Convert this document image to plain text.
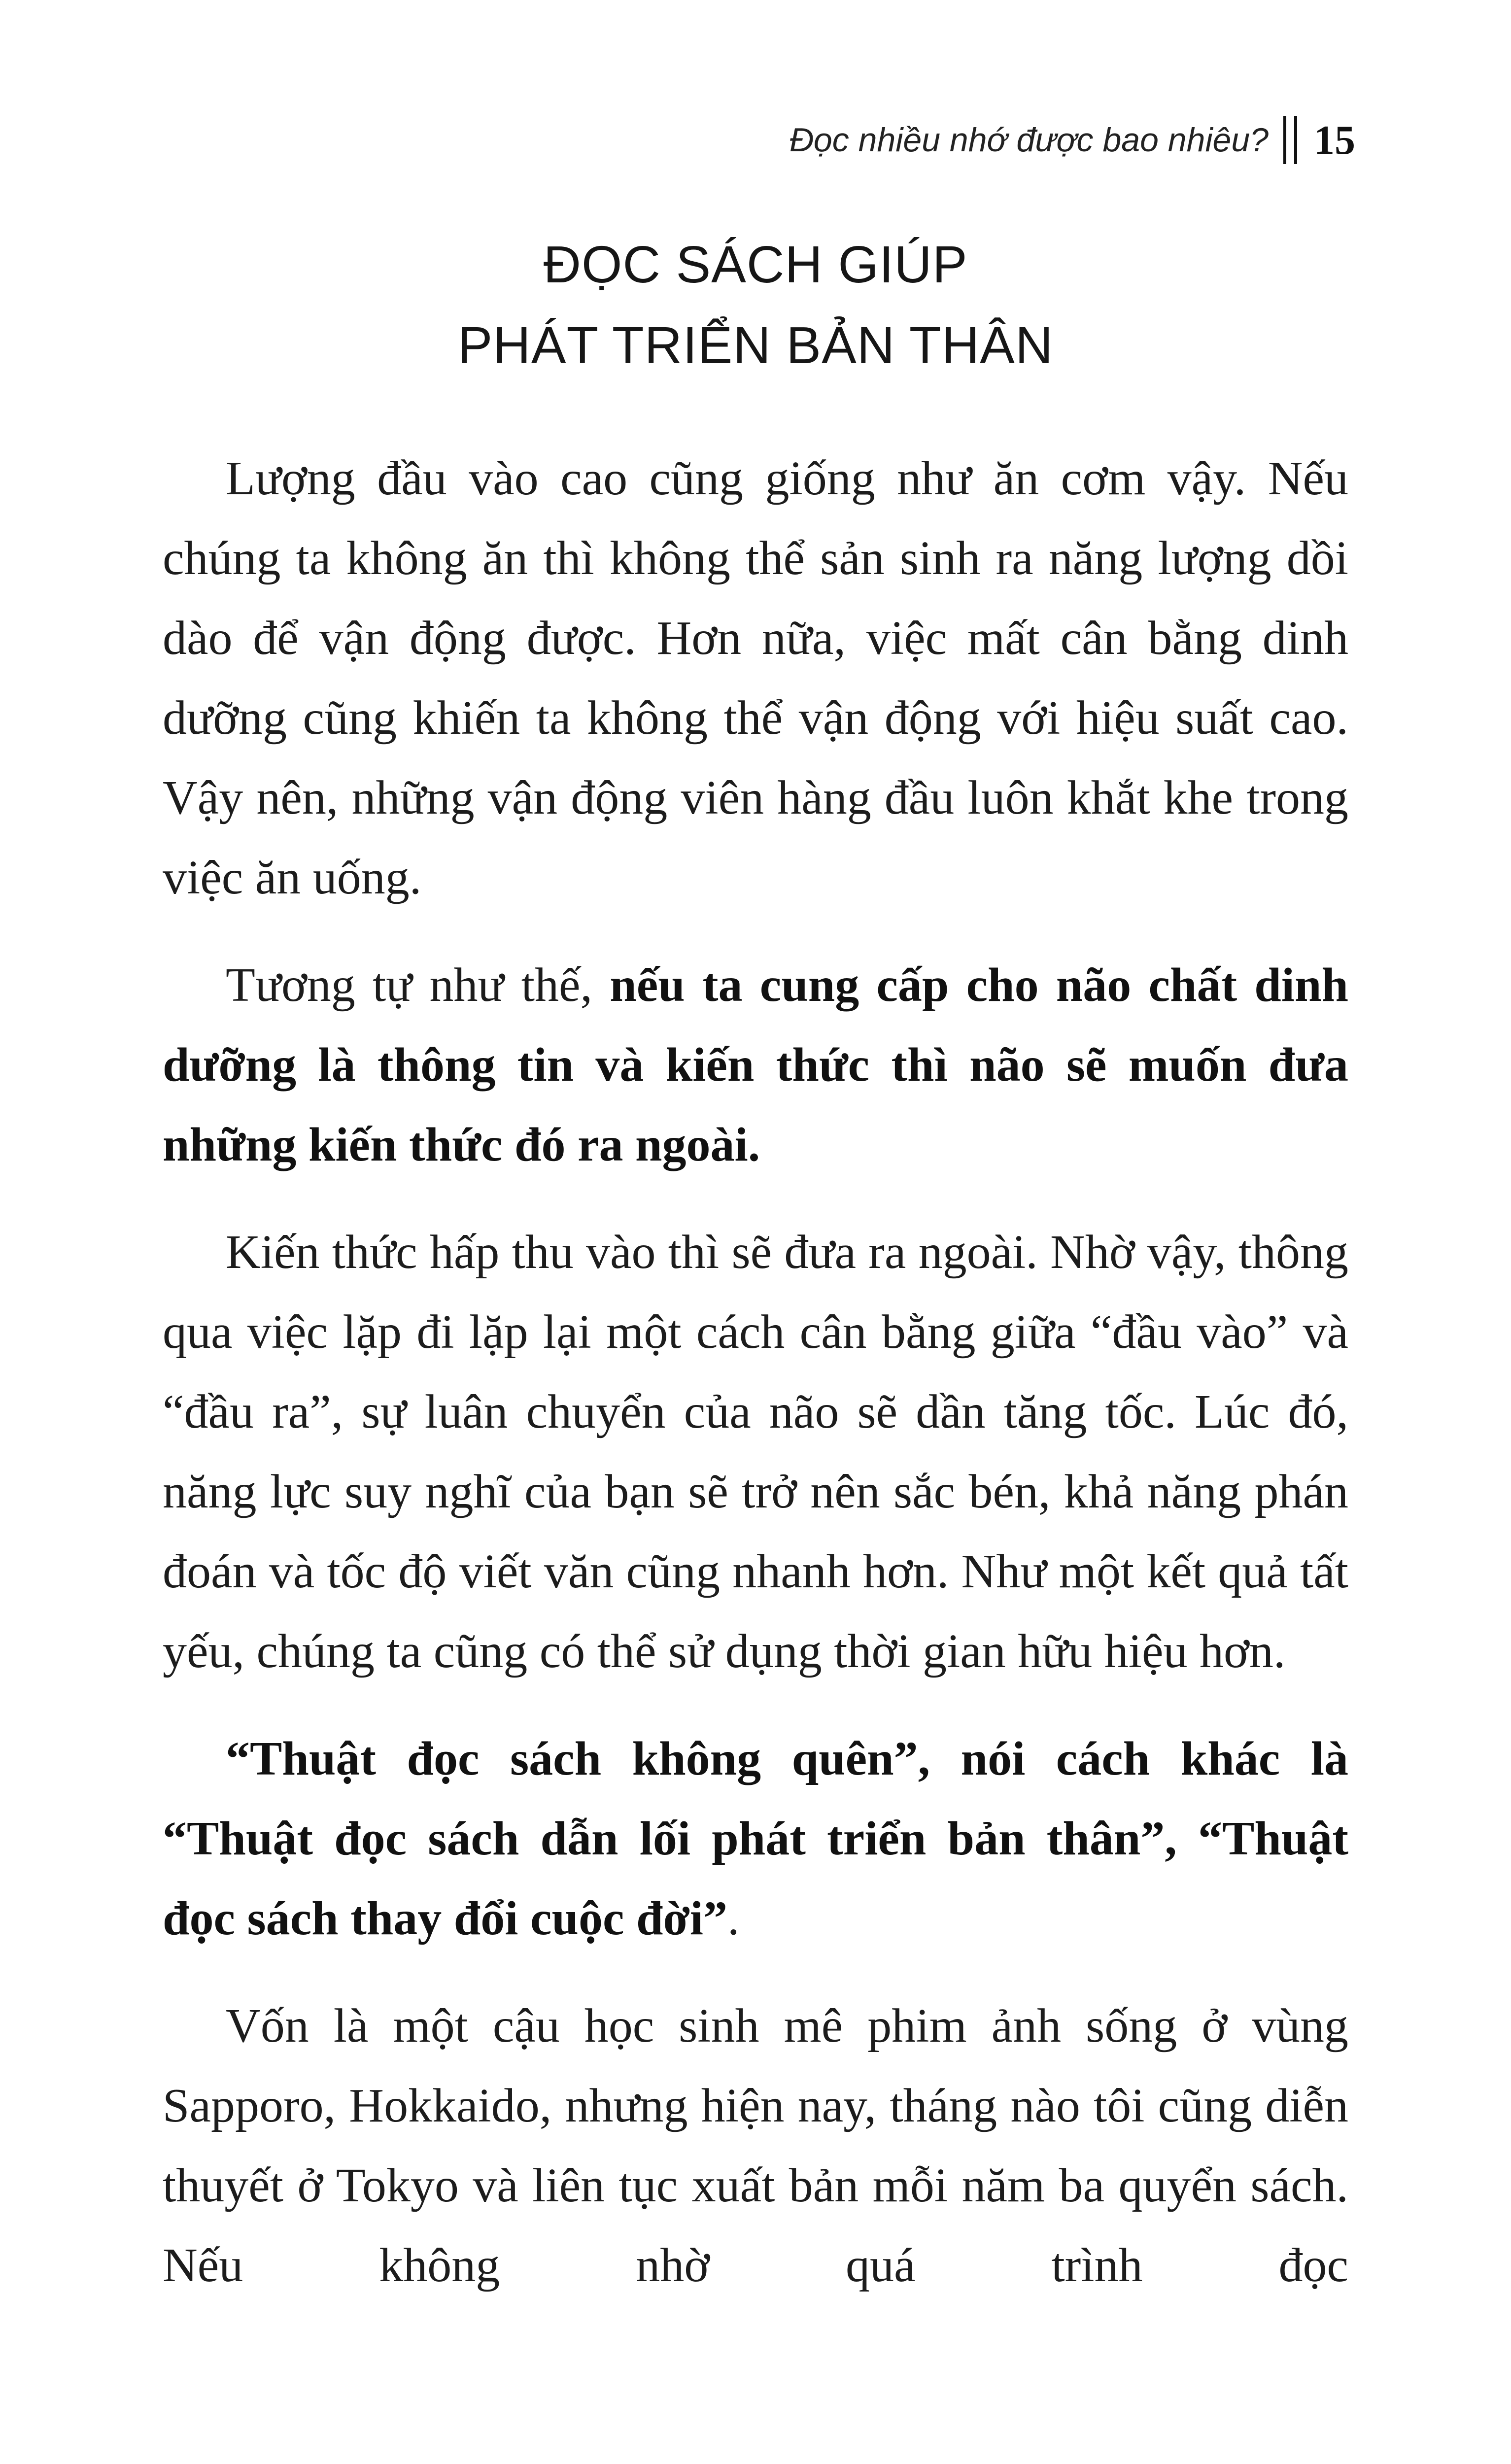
Đọc nhiều nhớ được bao nhiêu? 15
ĐỌC SÁCH GIÚP
PHÁT TRIỂN BẢN THÂN

Lượng đầu vào cao cũng giống như ăn cơm vậy. Nếu chúng ta không ăn thì không thể sản sinh ra năng lượng dồi dào để vận động được. Hơn nữa, việc mất cân bằng dinh dưỡng cũng khiến ta không thể vận động với hiệu suất cao. Vậy nên, những vận động viên hàng đầu luôn khắt khe trong việc ăn uống.

Tương tự như thế, nếu ta cung cấp cho não chất dinh dưỡng là thông tin và kiến thức thì não sẽ muốn đưa những kiến thức đó ra ngoài.

Kiến thức hấp thu vào thì sẽ đưa ra ngoài. Nhờ vậy, thông qua việc lặp đi lặp lại một cách cân bằng giữa “đầu vào” và “đầu ra”, sự luân chuyển của não sẽ dần tăng tốc. Lúc đó, năng lực suy nghĩ của bạn sẽ trở nên sắc bén, khả năng phán đoán và tốc độ viết văn cũng nhanh hơn. Như một kết quả tất yếu, chúng ta cũng có thể sử dụng thời gian hữu hiệu hơn.

“Thuật đọc sách không quên”, nói cách khác là “Thuật đọc sách dẫn lối phát triển bản thân”, “Thuật đọc sách thay đổi cuộc đời”.

Vốn là một cậu học sinh mê phim ảnh sống ở vùng Sapporo, Hokkaido, nhưng hiện nay, tháng nào tôi cũng diễn thuyết ở Tokyo và liên tục xuất bản mỗi năm ba quyển sách. Nếu không nhờ quá trình đọc
